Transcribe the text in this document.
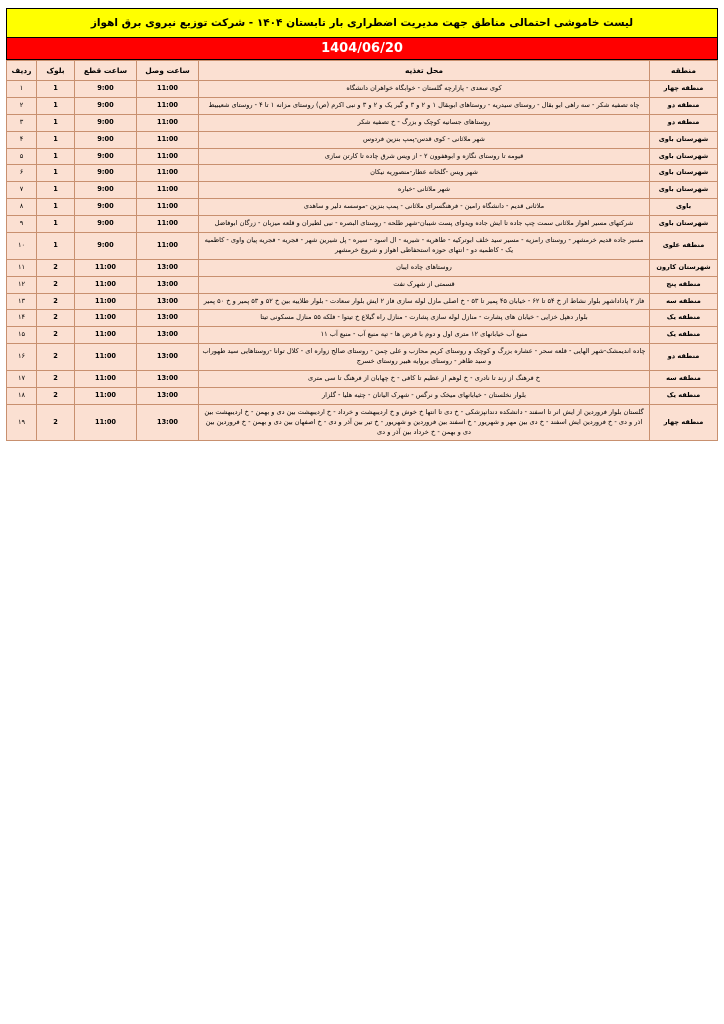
لیست خاموشی احتمالی مناطق جهت مدیریت اضطراری بار تابستان ۱۴۰۴ - شرکت توزیع نیروی برق اهواز
1404/06/20
منطقه	محل تغذیه	ساعت وصل	ساعت قطع	بلوک	ردیف
منطقه چهار	کوی سعدی - پازارچه گلستان - خوابگاه خواهران دانشگاه	11:00	9:00	1	۱
منطقه دو	چاه تصفیه شکر - سه راهی ابو بقال - روستای سیدریه - روستاهای ابوبقال ۱ و ۲ و ۳ و گیر یک و ۲ و ۳ و نبی اکرم (ص) روستای مزانه ۱ تا ۴ - روستای شعیبیط	11:00	9:00	1	۲
منطقه دو	روستاهای جسانیه کوچک و بزرگ - خ تصفیه شکر	11:00	9:00	1	۳
شهرستان باوی	شهر ملاثانی - کوی قدس-پمپ بنزین فردوس	11:00	9:00	1	۴
شهرستان باوی	قیومه تا روستای نگازه و ابوهفوون ۲ - از ویس شرق چاده تا کارتن سازی	11:00	9:00	1	۵
شهرستان باوی	شهر ویس -گلخانه عطار-منصوریه نیکان	11:00	9:00	1	۶
شهرستان باوی	شهر ملاثانی -خیاره	11:00	9:00	1	۷
باوی	ملاثانی قدیم - دانشگاه رامین - فرهنگسرای ملاثانی - پمپ بنزین -موسسه دلیر و ساهدی	11:00	9:00	1	۸
شهرستان باوی	شرکتهای مسیر اهواز ملاثانی سمت چپ جاده تا ایش جاده ویدوای پست شیبان-شهر طلحه - روستای البصره - نیی لطیران و قلعه میزبان - زرگان ابوفاضل	11:00	9:00	1	۹
منطقه علوی	مسیر جاده قدیم خرمشهر - روستای رامزیه - مسیر سید خلف ابوترکیه - طاهریه - شیریه - ال اسود - سیره - پل شیرین شهر - فجریه - فجریه پیان واوی - کاظمیه یک - کاظمیه دو - انتهای حوزه استحفاظی اهواز و شروع خرمشهر	11:00	9:00	1	۱۰
شهرستان کارون	روستاهای چاده ایبان	13:00	11:00	2	۱۱
منطقه پنج	قسمتی از شهرک نفت	13:00	11:00	2	۱۲
منطقه سه	فاز ۲ پاداداشهر بلوار نشاط از خ ۵۴ تا ۶۲ - خیابان ۴۵ پمیر تا ۵۳ - خ اصلی مازل لوله سازی فاز ۲ ایش بلوار سعادت - بلوار طلاییه بین خ ۵۲ و ۵۳ پمیر و خ ۵۰ پمیر	13:00	11:00	2	۱۳
منطقه یک	بلوار دهپل خزایی - خیابان های پشارت - منازل لوله سازی پشارت - منازل راه گیلاع خ تیتوا - فلکه ۵۵ منازل مسکونی تیتا	13:00	11:00	2	۱۴
منطقه یک	منبع آب خیابانهای ۱۲ متری اول و دوم با فرض ها - تپه منبع آب - منبع آب ۱۱	13:00	11:00	2	۱۵
منطقه دو	چاده اندیمشک-شهر الهایی - قلعه سحر - عشاره بزرگ و کوچک و روستای کریم محازب و علی چمن - روستای صالح زواره ای - کلال توانا -روستاهایی سید طهوراب و سید طاهر - روستای بروایه هبیر روستای خسرج	13:00	11:00	2	۱۶
منطقه سه	خ فرهنگ از زند تا نادری - خ لوهم از عظیم تا کافی - خ چهابان از فرهنگ تا سی متری	13:00	11:00	2	۱۷
منطقه یک	بلوار نخلستان - خیابانهای میخک و نرگس - شهرک الیانان - چثیه هلیا - گلزار	13:00	11:00	2	۱۸
منطقه چهار	گلستان بلوار فروردین از ایش انر تا اسفند - دانشکده دندانپزشکی - خ دی تا انتها خ خوش و خ اردیبهشت و خرداد - خ اردیبهشت بین دی و بهمن - خ اردیبهشت بین اذر و دی - خ فروردین ایش اسفند - خ دی بین مهر و شهریور - خ اسفند بین فروردین و شهریور - خ تیر بین آذر و دی - خ اصفهان بین دی و بهمن - خ فروردین بین دی و بهمن - خ خرداد بین آذر و دی	13:00	11:00	2	۱۹
